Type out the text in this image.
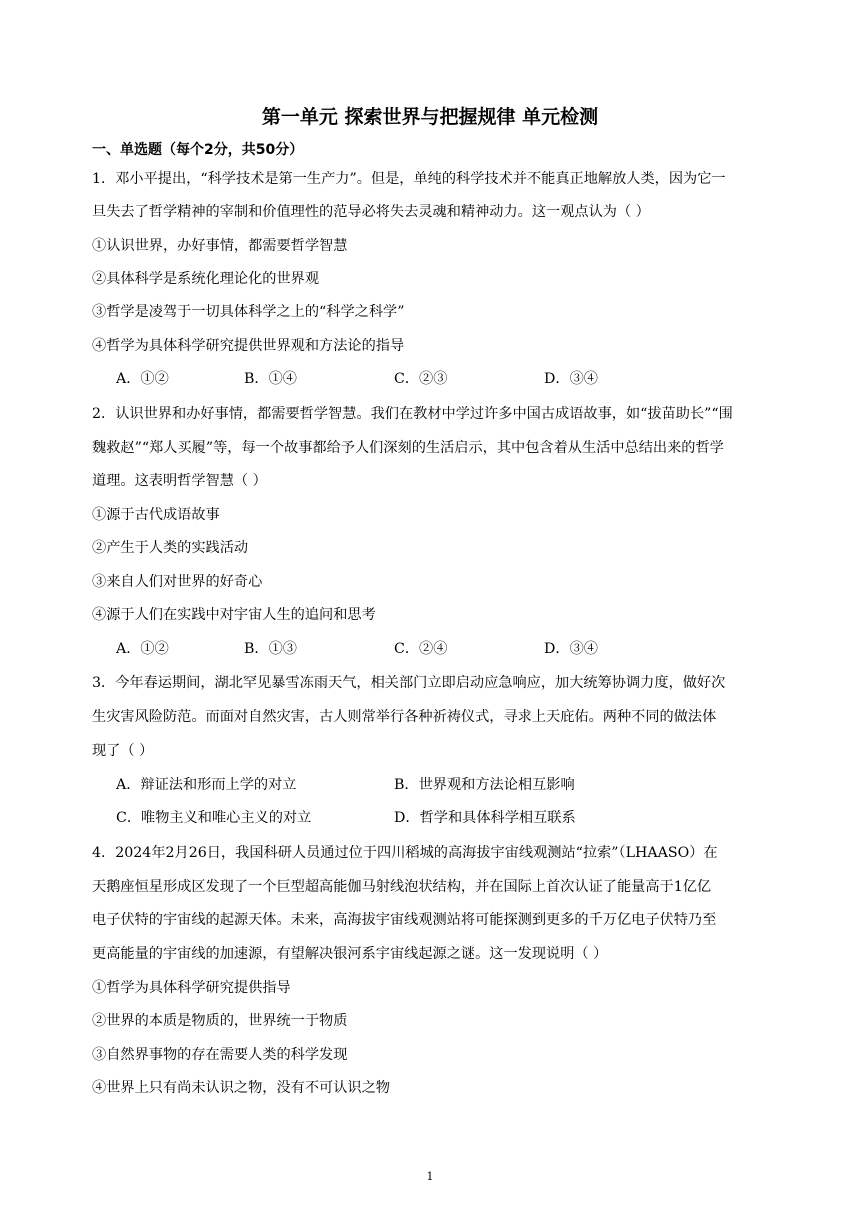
第一单元 探索世界与把握规律 单元检测
一、单选题（每个2分，共50分）
1．邓小平提出，“科学技术是第一生产力”。但是，单纯的科学技术并不能真正地解放人类，因为它一
旦失去了哲学精神的宰制和价值理性的范导必将失去灵魂和精神动力。这一观点认为（ ）
①认识世界，办好事情，都需要哲学智慧
②具体科学是系统化理论化的世界观
③哲学是凌驾于一切具体科学之上的“科学之科学”
④哲学为具体科学研究提供世界观和方法论的指导
A．①②	B．①④	C．②③	D．③④
2．认识世界和办好事情，都需要哲学智慧。我们在教材中学过许多中国古成语故事，如“拔苗助长”“围
魏救赵”“郑人买履”等，每一个故事都给予人们深刻的生活启示，其中包含着从生活中总结出来的哲学
道理。这表明哲学智慧（ ）
①源于古代成语故事
②产生于人类的实践活动
③来自人们对世界的好奇心
④源于人们在实践中对宇宙人生的追问和思考
A．①②	B．①③	C．②④	D．③④
3．今年春运期间，湖北罕见暴雪冻雨天气，相关部门立即启动应急响应，加大统筹协调力度，做好次
生灾害风险防范。而面对自然灾害，古人则常举行各种祈祷仪式，寻求上天庇佑。两种不同的做法体
现了（ ）
A．辩证法和形而上学的对立	B．世界观和方法论相互影响
C．唯物主义和唯心主义的对立	D．哲学和具体科学相互联系
4．2024年2月26日，我国科研人员通过位于四川稻城的高海拔宇宙线观测站“拉索”（LHAASO）在
天鹅座恒星形成区发现了一个巨型超高能伽马射线泡状结构，并在国际上首次认证了能量高于1亿亿
电子伏特的宇宙线的起源天体。未来，高海拔宇宙线观测站将可能探测到更多的千万亿电子伏特乃至
更高能量的宇宙线的加速源，有望解决银河系宇宙线起源之谜。这一发现说明（ ）
①哲学为具体科学研究提供指导
②世界的本质是物质的，世界统一于物质
③自然界事物的存在需要人类的科学发现
④世界上只有尚未认识之物，没有不可认识之物
1
